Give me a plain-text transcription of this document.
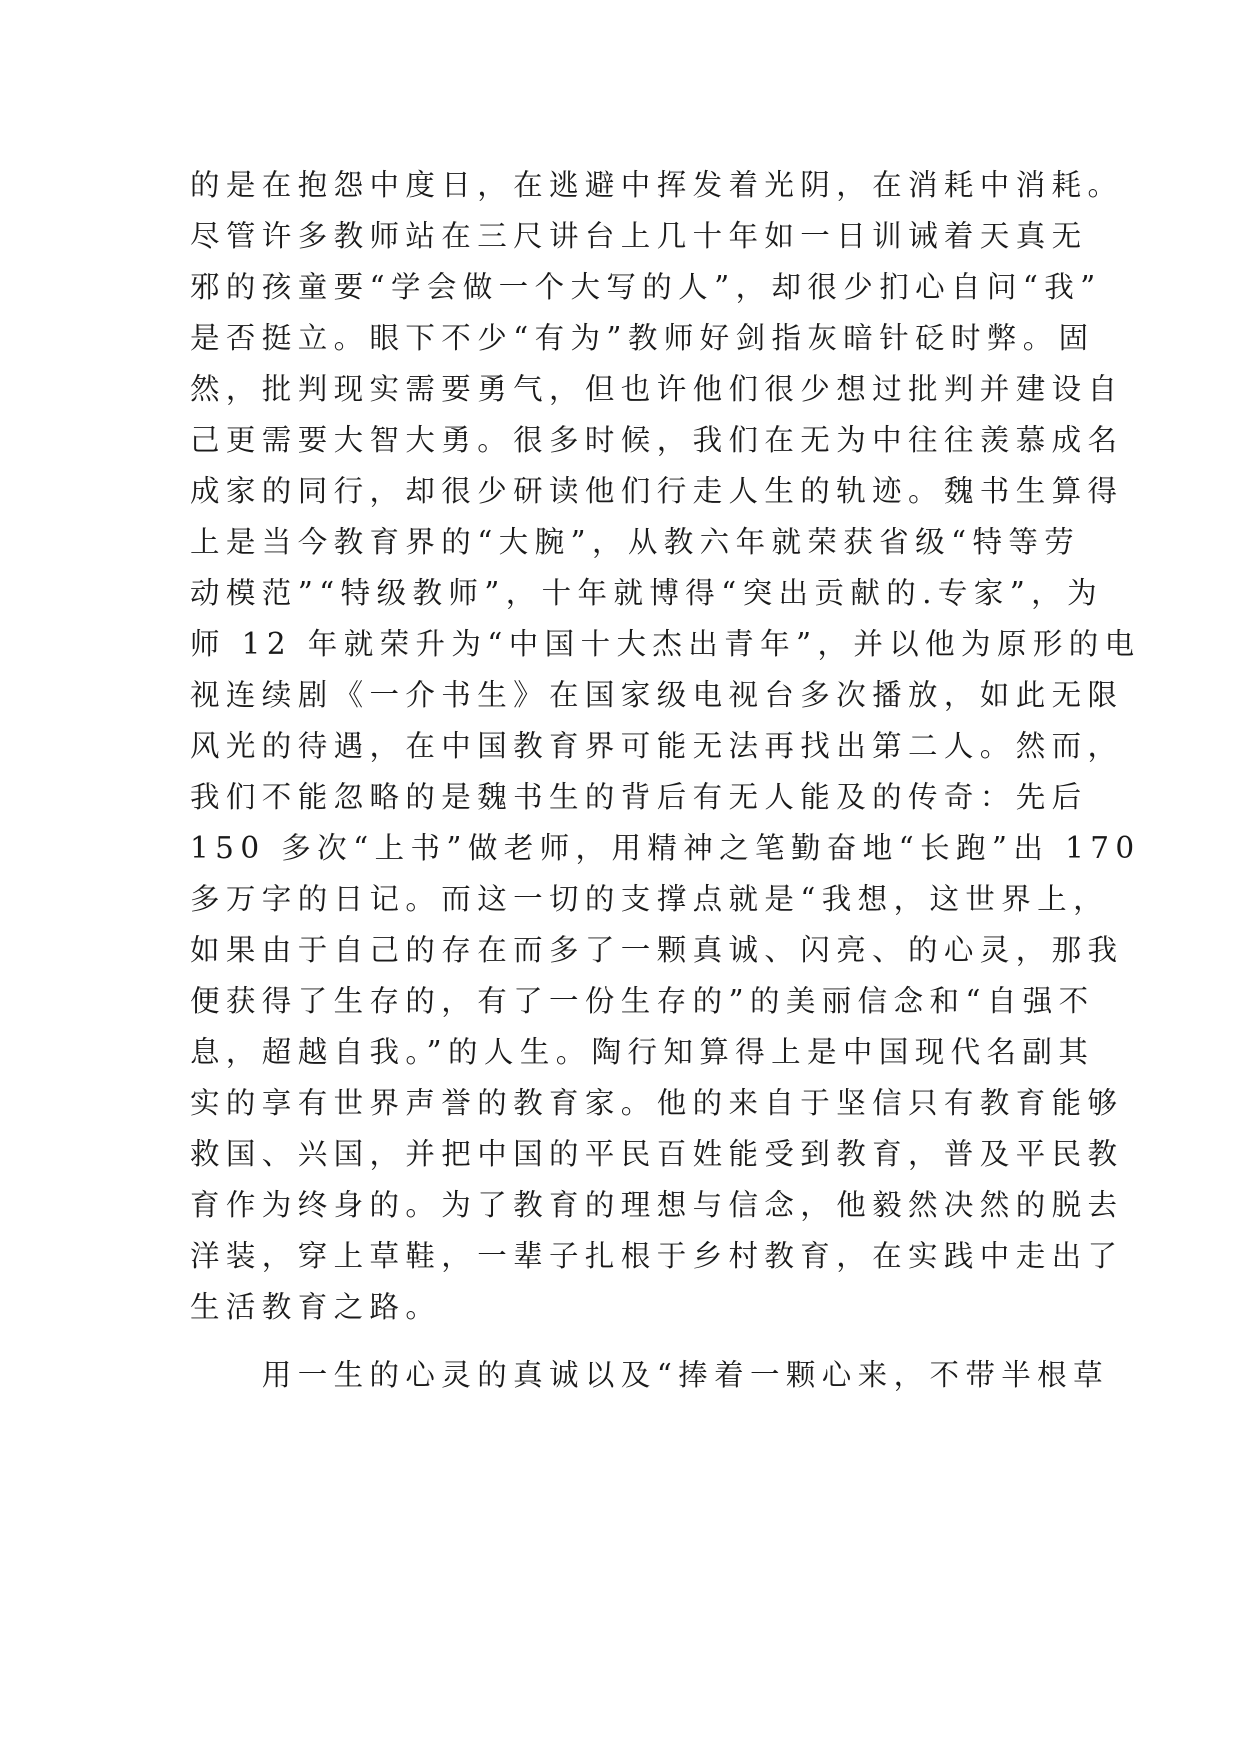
的是在抱怨中度日，在逃避中挥发着光阴，在消耗中消耗。
尽管许多教师站在三尺讲台上几十年如一日训诫着天真无
邪的孩童要“学会做一个大写的人”，却很少扪心自问“我”
是否挺立。眼下不少“有为”教师好剑指灰暗针砭时弊。固
然，批判现实需要勇气，但也许他们很少想过批判并建设自
己更需要大智大勇。很多时候，我们在无为中往往羡慕成名
成家的同行，却很少研读他们行走人生的轨迹。魏书生算得
上是当今教育界的“大腕”，从教六年就荣获省级“特等劳
动模范”“特级教师”，十年就博得“突出贡献的.专家”，为
师 12 年就荣升为“中国十大杰出青年”，并以他为原形的电
视连续剧《一介书生》在国家级电视台多次播放，如此无限
风光的待遇，在中国教育界可能无法再找出第二人。然而，
我们不能忽略的是魏书生的背后有无人能及的传奇：先后
150 多次“上书”做老师，用精神之笔勤奋地“长跑”出 170
多万字的日记。而这一切的支撑点就是“我想，这世界上，
如果由于自己的存在而多了一颗真诚、闪亮、的心灵，那我
便获得了生存的，有了一份生存的”的美丽信念和“自强不
息，超越自我。”的人生。陶行知算得上是中国现代名副其
实的享有世界声誉的教育家。他的来自于坚信只有教育能够
救国、兴国，并把中国的平民百姓能受到教育，普及平民教
育作为终身的。为了教育的理想与信念，他毅然决然的脱去
洋装，穿上草鞋，一辈子扎根于乡村教育，在实践中走出了
生活教育之路。
　　用一生的心灵的真诚以及“捧着一颗心来，不带半根草
